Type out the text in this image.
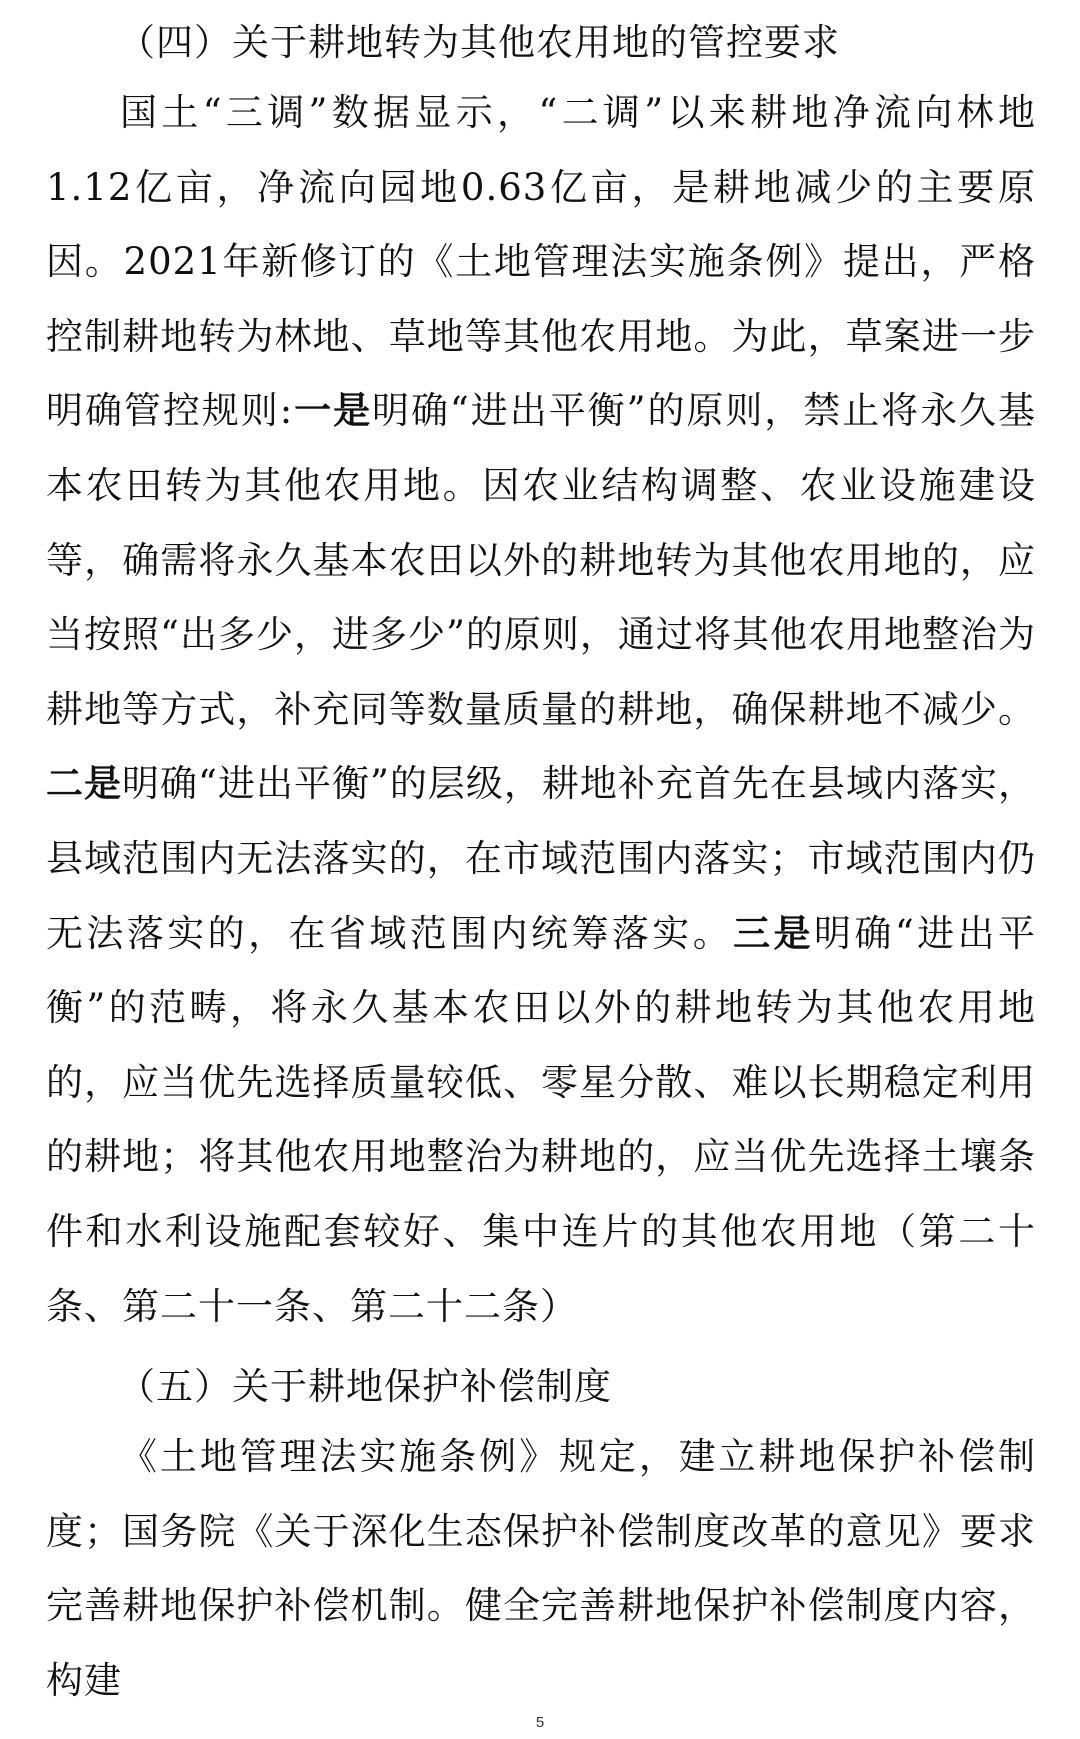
（四）关于耕地转为其他农用地的管控要求

国土“三调”数据显示，“二调”以来耕地净流向林地1.12亿亩，净流向园地0.63亿亩，是耕地减少的主要原因。2021年新修订的《土地管理法实施条例》提出，严格控制耕地转为林地、草地等其他农用地。为此，草案进一步明确管控规则:一是明确“进出平衡”的原则，禁止将永久基本农田转为其他农用地。因农业结构调整、农业设施建设等，确需将永久基本农田以外的耕地转为其他农用地的，应当按照“出多少，进多少”的原则，通过将其他农用地整治为耕地等方式，补充同等数量质量的耕地，确保耕地不减少。二是明确“进出平衡”的层级，耕地补充首先在县域内落实，县域范围内无法落实的，在市域范围内落实；市域范围内仍无法落实的，在省域范围内统筹落实。三是明确“进出平衡”的范畴，将永久基本农田以外的耕地转为其他农用地的，应当优先选择质量较低、零星分散、难以长期稳定利用的耕地；将其他农用地整治为耕地的，应当优先选择土壤条件和水利设施配套较好、集中连片的其他农用地（第二十条、第二十一条、第二十二条）

（五）关于耕地保护补偿制度

《土地管理法实施条例》规定，建立耕地保护补偿制度；国务院《关于深化生态保护补偿制度改革的意见》要求完善耕地保护补偿机制。健全完善耕地保护补偿制度内容，构建

5
